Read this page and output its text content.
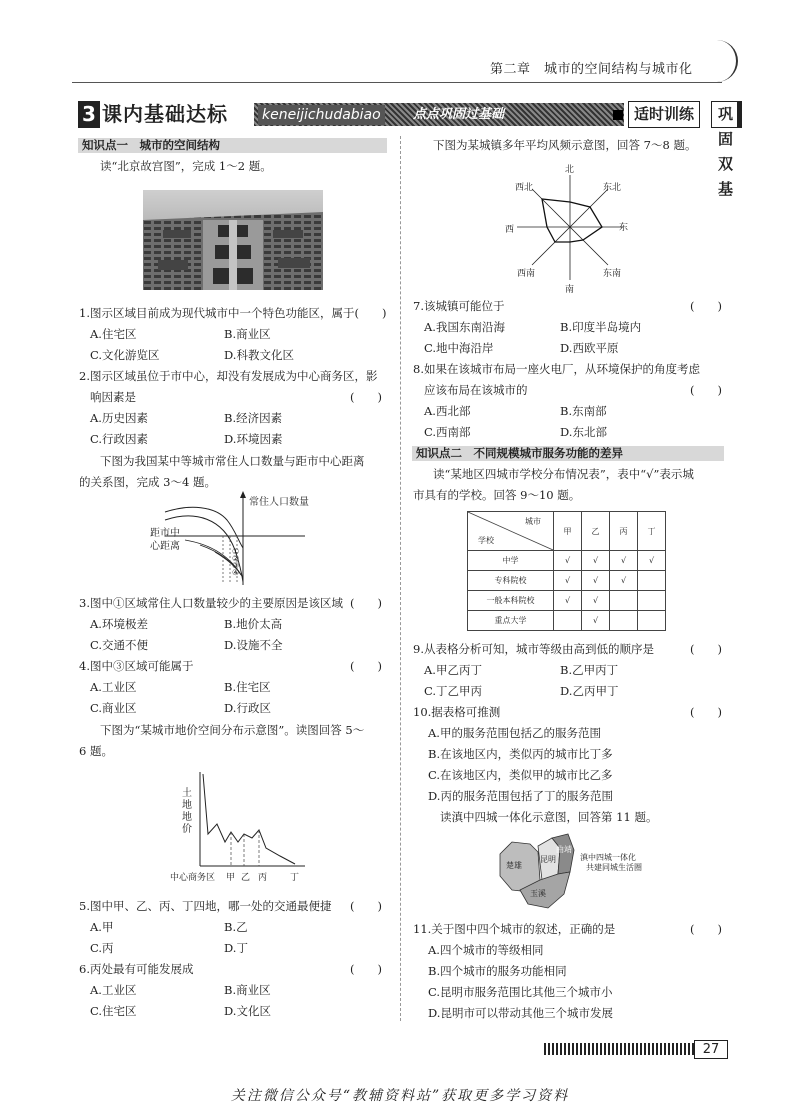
第二章　城市的空间结构与城市化
3 课内基础达标 keneijichudabiao	点点巩固过基础	适时训练	巩固双基
知识点一　城市的空间结构
读“北京故宫图”，完成 1～2 题。
1.图示区域目前成为现代城市中一个特色功能区，属于(　　)
A.住宅区	B.商业区
C.文化游览区	D.科教文化区
2.图示区域虽位于市中心，却没有发展成为中心商务区，影
响因素是	(　　)
A.历史因素	B.经济因素
C.行政因素	D.环境因素
下图为我国某中等城市常住人口数量与距市中心距离
的关系图，完成 3～4 题。
常住人口数量
距市中
心距离	①
②
③
④
3.图中①区域常住人口数量较少的主要原因是该区域 (　　)
A.环境极差	B.地价太高
C.交通不便	D.设施不全
4.图中③区域可能属于	(　　)
A.工业区	B.住宅区
C.商业区	D.行政区
下图为“某城市地价空间分布示意图”。读图回答 5～
6 题。
土地地价
中心商务区 甲 乙 丙	丁
5.图中甲、乙、丙、丁四地，哪一处的交通最便捷 (　　)
A.甲	B.乙
C.丙	D.丁
6.丙处最有可能发展成	(　　)
A.工业区	B.商业区
C.住宅区	D.文化区
下图为某城镇多年平均风频示意图，回答 7～8 题。
北
东北
东
东南
南
西南
西
西北
7.该城镇可能位于	(　　)
A.我国东南沿海	B.印度半岛境内
C.地中海沿岸	D.西欧平原
8.如果在该城市布局一座火电厂，从环境保护的角度考虑
应该布局在该城市的	(　　)
A.西北部	B.东南部
C.西南部	D.东北部
知识点二　不同规模城市服务功能的差异
读“某地区四城市学校分布情况表”，表中“√”表示城
市具有的学校。回答 9～10 题。
城市
学校	甲	乙	丙	丁
中学	√	√	√	√
专科院校	√	√	√	
一般本科院校	√	√		
重点大学		√		
9.从表格分析可知，城市等级由高到低的顺序是	(　　)
A.甲乙丙丁	B.乙甲丙丁
C.丁乙甲丙	D.乙丙甲丁
10.据表格可推测	(　　)
A.甲的服务范围包括乙的服务范围
B.在该地区内，类似丙的城市比丁多
C.在该地区内，类似甲的城市比乙多
D.丙的服务范围包括了丁的服务范围
读滇中四城一体化示意图，回答第 11 题。
楚雄
昆明
曲靖
玉溪
滇中四城一体化
共建同城生活圈
11.关于图中四个城市的叙述，正确的是	(　　)
A.四个城市的等级相同
B.四个城市的服务功能相同
C.昆明市服务范围比其他三个城市小
D.昆明市可以带动其他三个城市发展
27
关注微信公众号“教辅资料站”获取更多学习资料
